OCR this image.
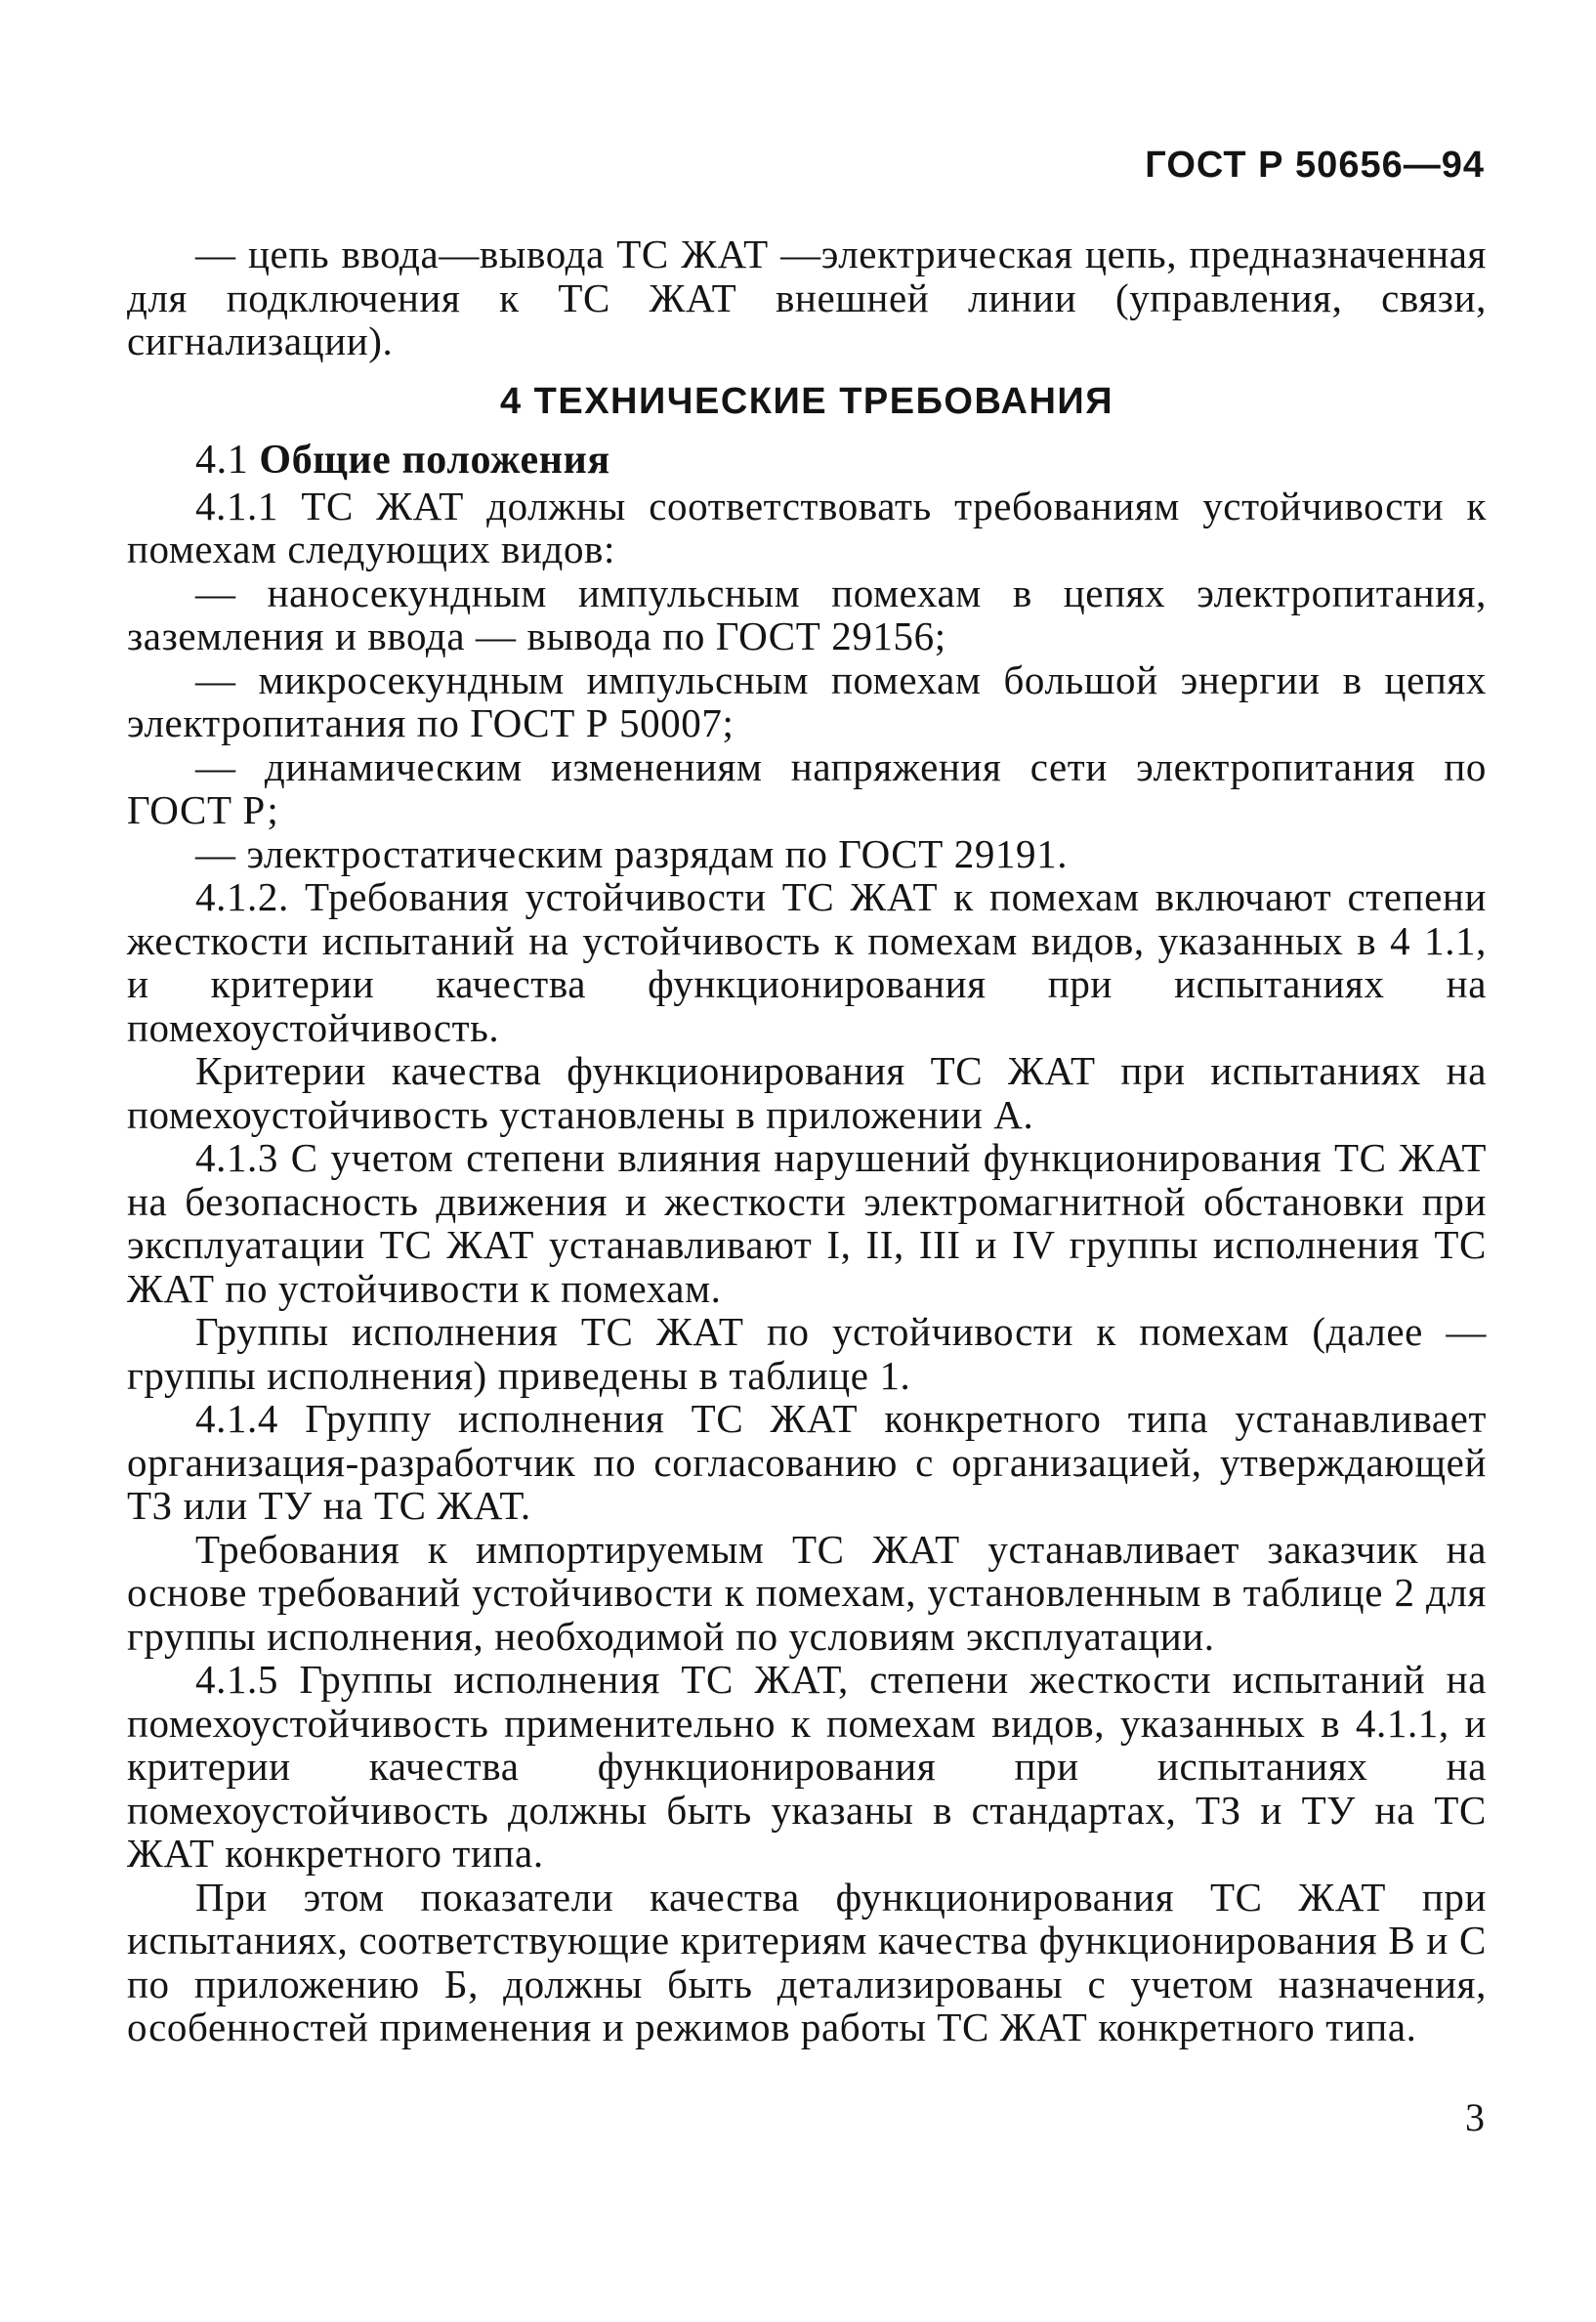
ГОСТ Р 50656—94

— цепь ввода—вывода ТС ЖАТ —электрическая цепь, предназначенная для подключения к ТС ЖАТ внешней линии (управления, связи, сигнализации).

4 ТЕХНИЧЕСКИЕ ТРЕБОВАНИЯ
4.1 Общие положения

4.1.1 ТС ЖАТ должны соответствовать требованиям устойчивости к помехам следующих видов:

— наносекундным импульсным помехам в цепях электропитания, заземления и ввода — вывода по ГОСТ 29156;

— микросекундным импульсным помехам большой энергии в цепях электропитания по ГОСТ Р 50007;

— динамическим изменениям напряжения сети электропитания по ГОСТ Р;

— электростатическим разрядам по ГОСТ 29191.

4.1.2. Требования устойчивости ТС ЖАТ к помехам включают степени жесткости испытаний на устойчивость к помехам видов, указанных в 4 1.1, и критерии качества функционирования при испытаниях на помехоустойчивость.

Критерии качества функционирования ТС ЖАТ при испытаниях на помехоустойчивость установлены в приложении А.

4.1.3 С учетом степени влияния нарушений функционирования ТС ЖАТ на безопасность движения и жесткости электромагнитной обстановки при эксплуатации ТС ЖАТ устанавливают I, II, III и IV группы исполнения ТС ЖАТ по устойчивости к помехам.

Группы исполнения ТС ЖАТ по устойчивости к помехам (далее — группы исполнения) приведены в таблице 1.

4.1.4 Группу исполнения ТС ЖАТ конкретного типа устанавливает организация-разработчик по согласованию с организацией, утверждающей ТЗ или ТУ на ТС ЖАТ.

Требования к импортируемым ТС ЖАТ устанавливает заказчик на основе требований устойчивости к помехам, установленным в таблице 2 для группы исполнения, необходимой по условиям эксплуатации.

4.1.5 Группы исполнения ТС ЖАТ, степени жесткости испытаний на помехоустойчивость применительно к помехам видов, указанных в 4.1.1, и критерии качества функционирования при испытаниях на помехоустойчивость должны быть указаны в стандартах, ТЗ и ТУ на ТС ЖАТ конкретного типа.

При этом показатели качества функционирования ТС ЖАТ при испытаниях, соответствующие критериям качества функционирования В и С по приложению Б, должны быть детализированы с учетом назначения, особенностей применения и режимов работы ТС ЖАТ конкретного типа.

3
